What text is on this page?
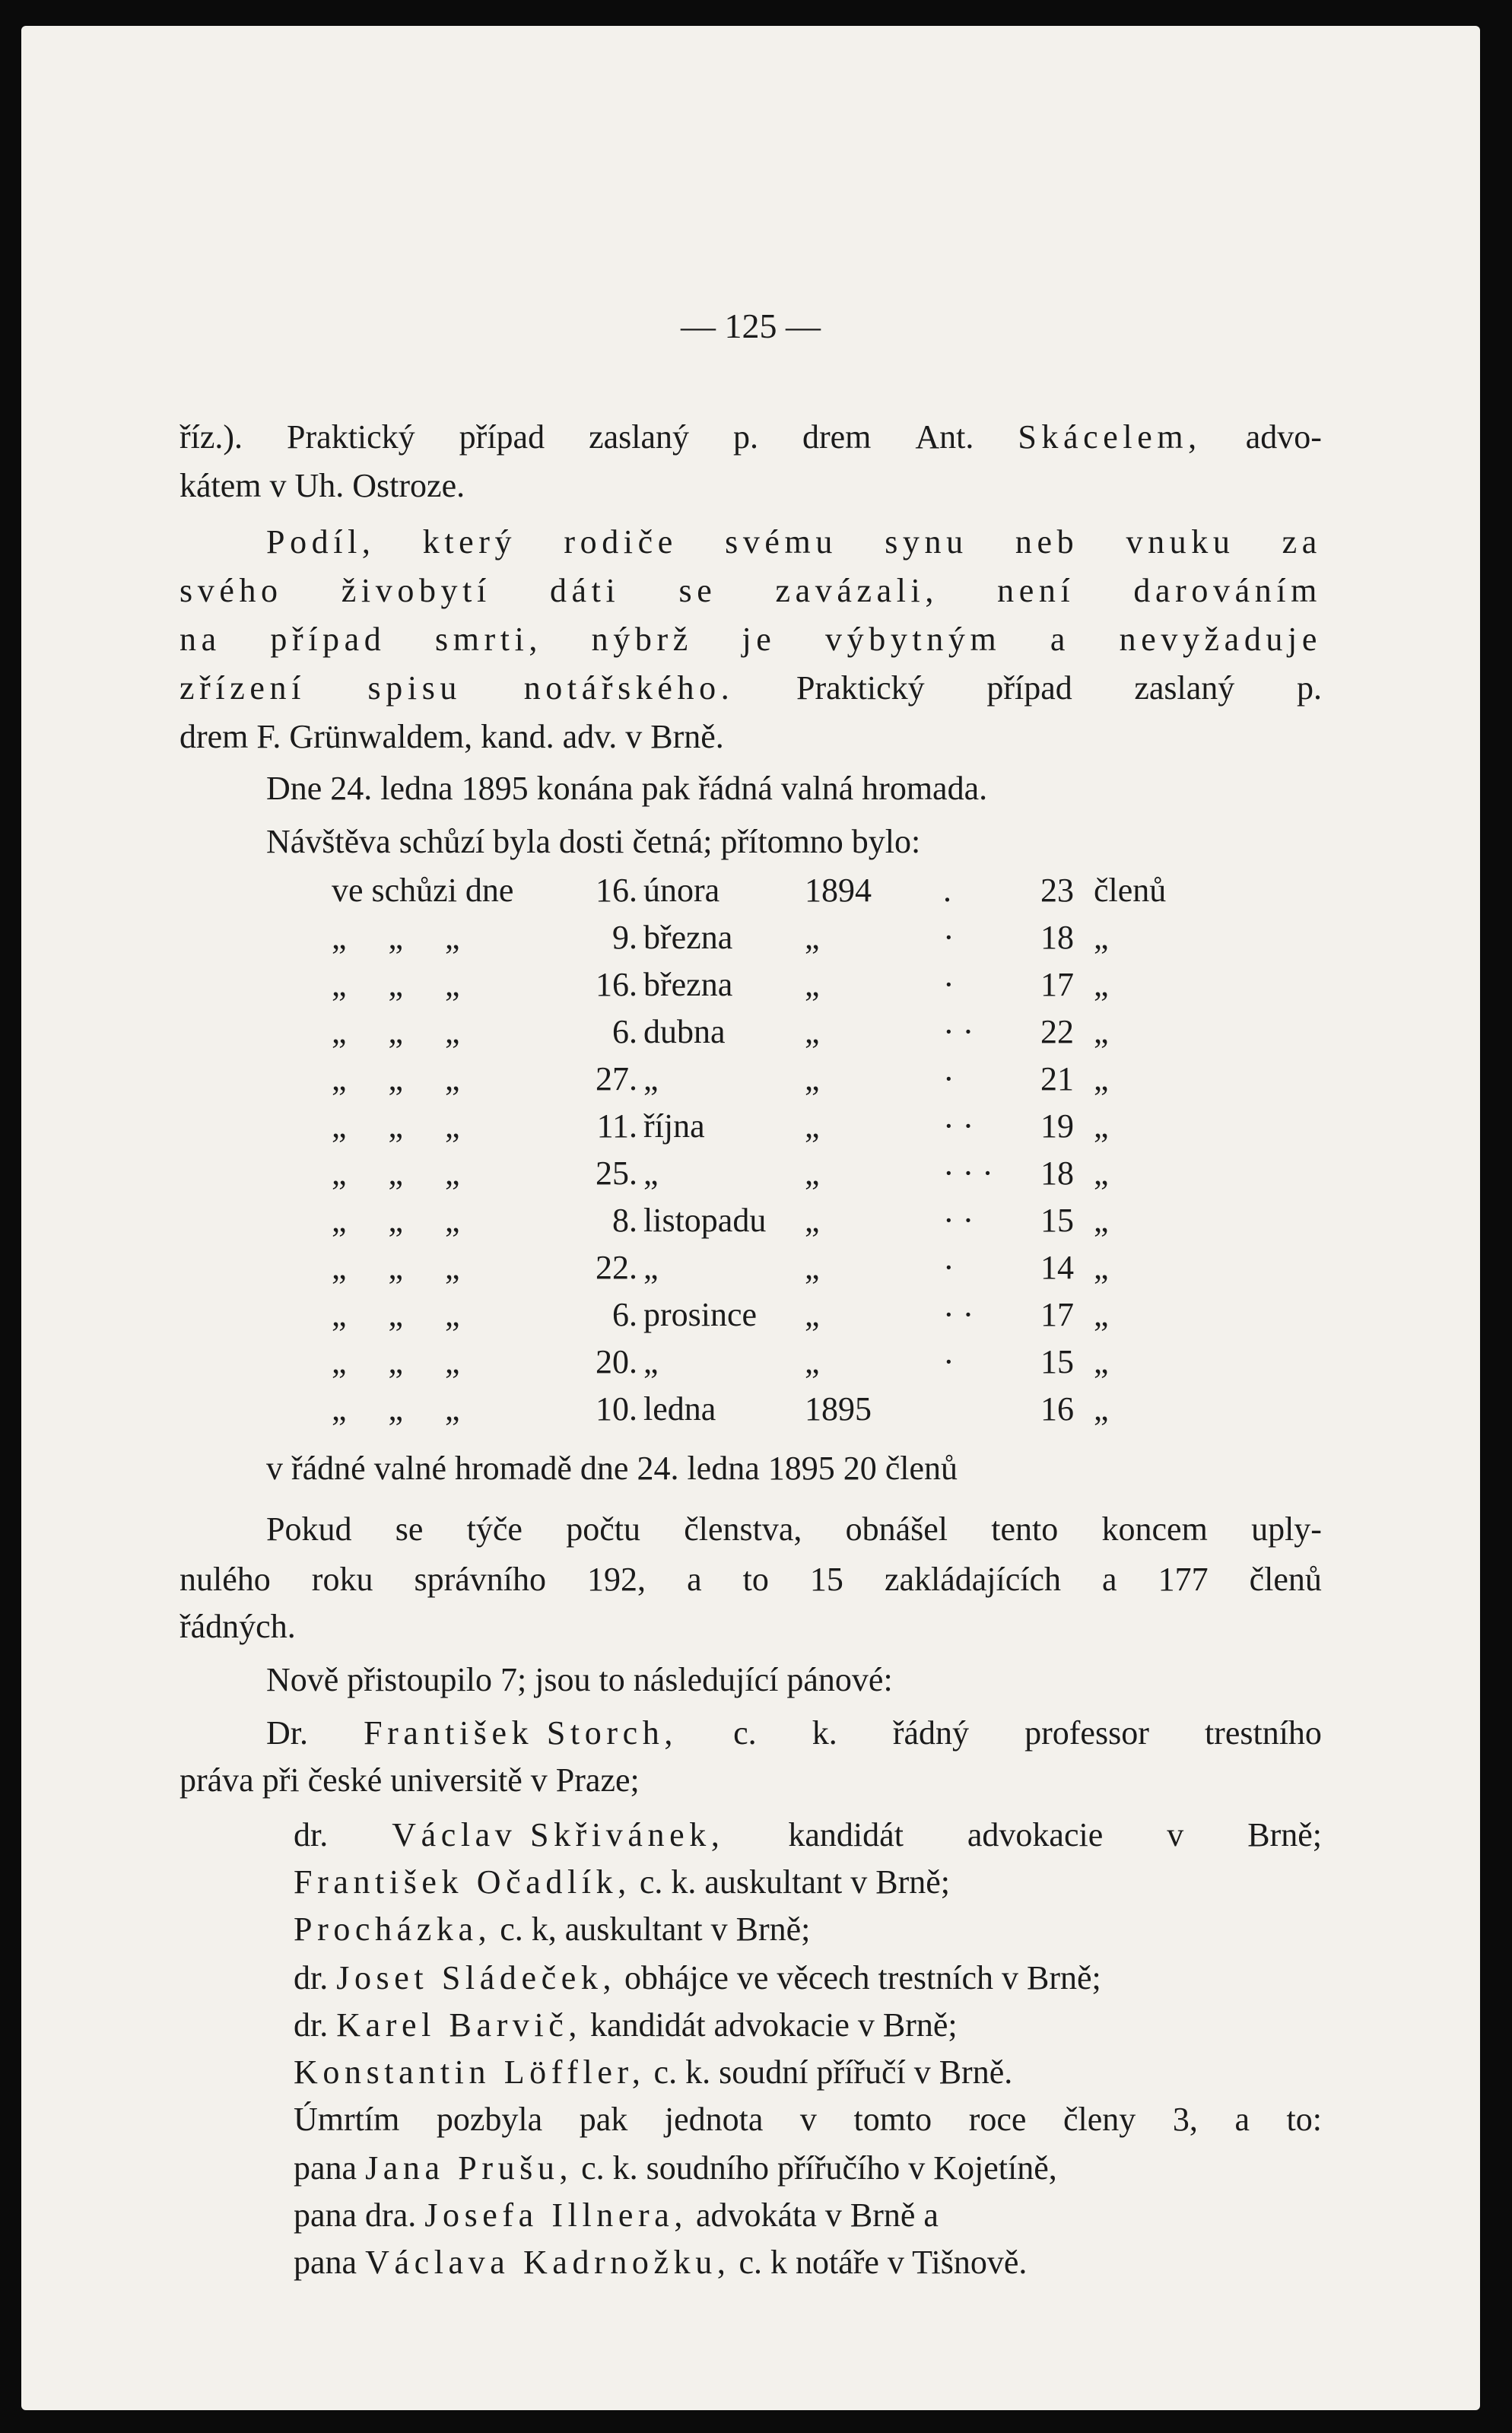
— 125 —
říz.). Praktický případ zaslaný p. drem Ant. Skácelem, advo-
kátem v Uh. Ostroze.
Podíl, který rodiče svému synu neb vnuku za
svého živobytí dáti se zavázali, není darováním
na případ smrti, nýbrž je výbytným a nevyžaduje
zřízení spisu notářského. Praktický případ zaslaný p.
drem F. Grünwaldem, kand. adv. v Brně.
Dne 24. ledna 1895 konána pak řádná valná hromada.
Návštěva schůzí byla dosti četná; přítomno bylo:
ve schůzi dne 16. února	1894 .	23 členů
„     „     „	9. března „	·	18 „
„     „     „	16. března „	·	17 „
„     „     „	6. dubna „	· · 22 „
„     „     „	27. „	„	·	21 „
„     „     „	11. října	„	· · 19 „
„     „     „	25. „	„	· · · 18 „
„     „     „	8. listopadu „	· · 15 „
„     „     „	22. „	„	·	14 „
„     „     „	6. prosince „	· · 17 „
„     „     „	20. „	„	·	15 „
„     „     „	10. ledna	1895	16 „
v řádné valné hromadě dne 24. ledna 1895 20 členů
Pokud se týče počtu členstva, obnášel tento koncem uply-
nulého roku správního 192, a to 15 zakládajících a 177 členů
řádných.
Nově přistoupilo 7; jsou to následující pánové:
Dr. František Storch, c. k. řádný professor trestního
práva při české universitě v Praze;
dr. Václav Skřivánek, kandidát advokacie v Brně;
František Očadlík, c. k. auskultant v Brně;
Procházka, c. k, auskultant v Brně;
dr. Joset Sládeček, obhájce ve věcech trestních v Brně;
dr. Karel Barvič, kandidát advokacie v Brně;
Konstantin Löffler, c. k. soudní přířučí v Brně.
Úmrtím pozbyla pak jednota v tomto roce členy 3, a to:
pana Jana Prušu, c. k. soudního přířučího v Kojetíně,
pana dra. Josefa Illnera, advokáta v Brně a
pana Václava Kadrnožku, c. k notáře v Tišnově.
